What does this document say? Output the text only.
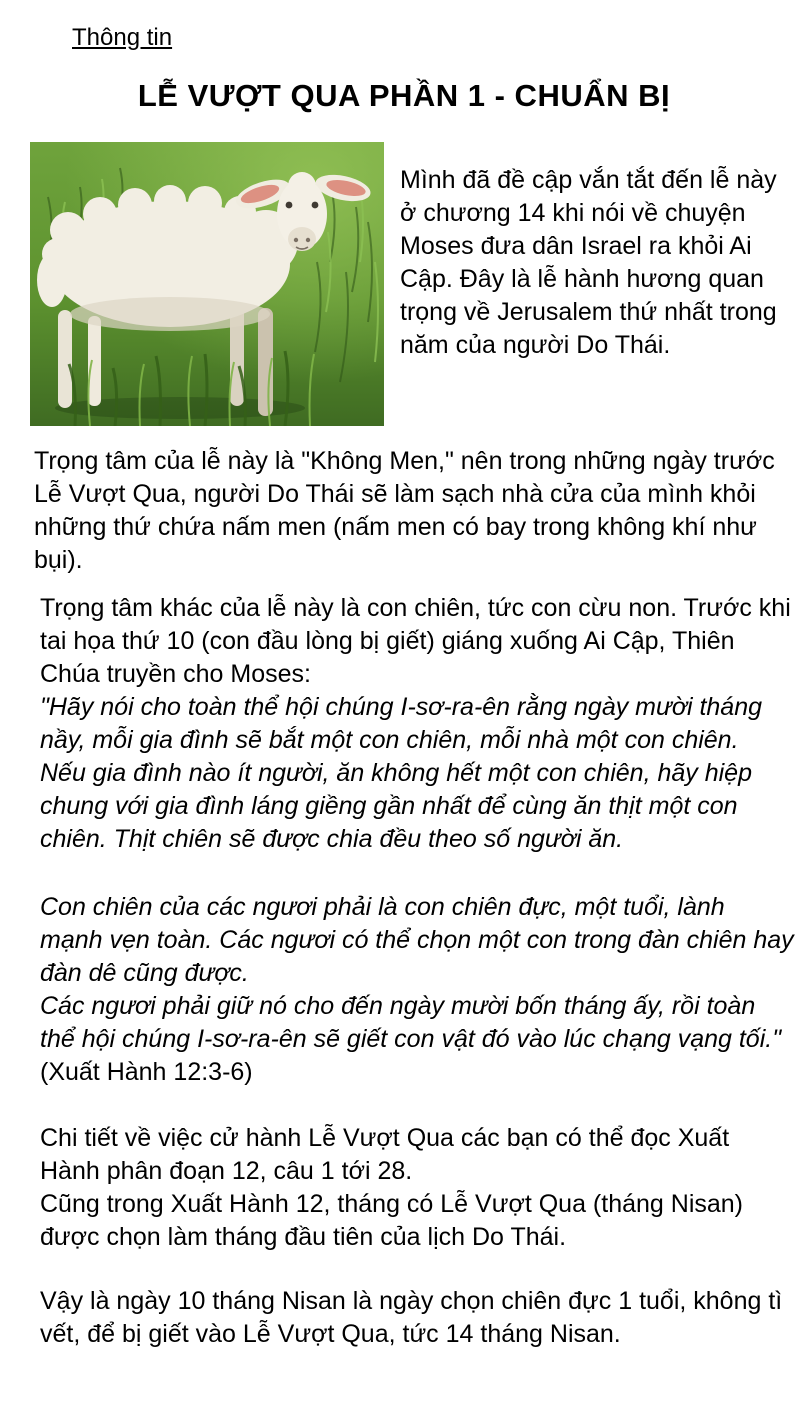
Thông tin
LỄ VƯỢT QUA PHẦN 1 - CHUẨN BỊ

Mình đã đề cập vắn tắt đến lễ này ở chương 14 khi nói về chuyện Moses đưa dân Israel ra khỏi Ai Cập. Đây là lễ hành hương quan trọng về Jerusalem thứ nhất trong năm của người Do Thái.

Trọng tâm của lễ này là "Không Men," nên trong những ngày trước Lễ Vượt Qua, người Do Thái sẽ làm sạch nhà cửa của mình khỏi những thứ chứa nấm men (nấm men có bay trong không khí như bụi).

Trọng tâm khác của lễ này là con chiên, tức con cừu non. Trước khi tai họa thứ 10 (con đầu lòng bị giết) giáng xuống Ai Cập, Thiên Chúa truyền cho Moses:

"Hãy nói cho toàn thể hội chúng I-sơ-ra-ên rằng ngày mười tháng nầy, mỗi gia đình sẽ bắt một con chiên, mỗi nhà một con chiên.

Nếu gia đình nào ít người, ăn không hết một con chiên, hãy hiệp chung với gia đình láng giềng gần nhất để cùng ăn thịt một con chiên. Thịt chiên sẽ được chia đều theo số người ăn.

Con chiên của các ngươi phải là con chiên đực, một tuổi, lành mạnh vẹn toàn. Các ngươi có thể chọn một con trong đàn chiên hay đàn dê cũng được.

Các ngươi phải giữ nó cho đến ngày mười bốn tháng ấy, rồi toàn thể hội chúng I-sơ-ra-ên sẽ giết con vật đó vào lúc chạng vạng tối."

(Xuất Hành 12:3-6)

Chi tiết về việc cử hành Lễ Vượt Qua các bạn có thể đọc Xuất Hành phân đoạn 12, câu 1 tới 28.

Cũng trong Xuất Hành 12, tháng có Lễ Vượt Qua (tháng Nisan) được chọn làm tháng đầu tiên của lịch Do Thái.

Vậy là ngày 10 tháng Nisan là ngày chọn chiên đực 1 tuổi, không tì vết, để bị giết vào Lễ Vượt Qua, tức 14 tháng Nisan.
